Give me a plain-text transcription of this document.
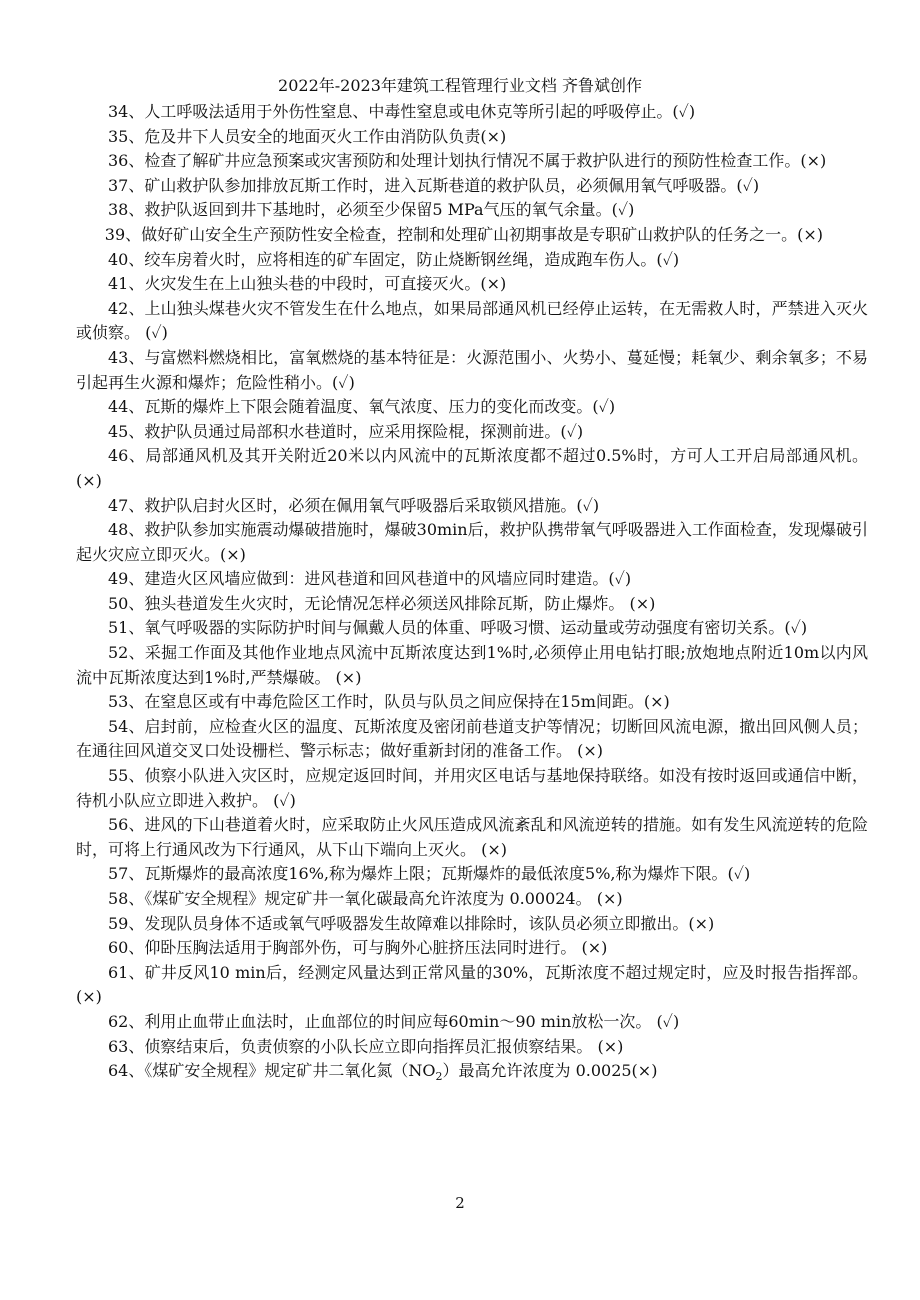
2022年-2023年建筑工程管理行业文档 齐鲁斌创作

34、人工呼吸法适用于外伤性窒息、中毒性窒息或电休克等所引起的呼吸停止。(✓)

35、危及井下人员安全的地面灭火工作由消防队负责(×)

36、检查了解矿井应急预案或灾害预防和处理计划执行情况不属于救护队进行的预防性检查工作。(×)

37、矿山救护队参加排放瓦斯工作时，进入瓦斯巷道的救护队员，必须佩用氧气呼吸器。(✓)

38、救护队返回到井下基地时，必须至少保留5 MPa气压的氧气余量。(✓)

39、做好矿山安全生产预防性安全检查，控制和处理矿山初期事故是专职矿山救护队的任务之一。(×)

40、绞车房着火时，应将相连的矿车固定，防止烧断钢丝绳，造成跑车伤人。(✓)

41、火灾发生在上山独头巷的中段时，可直接灭火。(×)

42、上山独头煤巷火灾不管发生在什么地点，如果局部通风机已经停止运转，在无需救人时，严禁进入灭火或侦察。 (✓)

43、与富燃料燃烧相比，富氧燃烧的基本特征是：火源范围小、火势小、蔓延慢；耗氧少、剩余氧多；不易引起再生火源和爆炸；危险性稍小。(✓)

44、瓦斯的爆炸上下限会随着温度、氧气浓度、压力的变化而改变。(✓)

45、救护队员通过局部积水巷道时，应采用探险棍，探测前进。(✓)

46、局部通风机及其开关附近20米以内风流中的瓦斯浓度都不超过0.5%时，方可人工开启局部通风机。(×)

47、救护队启封火区时，必须在佩用氧气呼吸器后采取锁风措施。(✓)

48、救护队参加实施震动爆破措施时，爆破30min后，救护队携带氧气呼吸器进入工作面检查，发现爆破引起火灾应立即灭火。(×)

49、建造火区风墙应做到：进风巷道和回风巷道中的风墙应同时建造。(✓)

50、独头巷道发生火灾时，无论情况怎样必须送风排除瓦斯，防止爆炸。 (×)

51、氧气呼吸器的实际防护时间与佩戴人员的体重、呼吸习惯、运动量或劳动强度有密切关系。(✓)

52、采掘工作面及其他作业地点风流中瓦斯浓度达到1%时,必须停止用电钻打眼;放炮地点附近10m以内风流中瓦斯浓度达到1%时,严禁爆破。 (×)

53、在窒息区或有中毒危险区工作时，队员与队员之间应保持在15m间距。(×)

54、启封前，应检查火区的温度、瓦斯浓度及密闭前巷道支护等情况；切断回风流电源，撤出回风侧人员；在通往回风道交叉口处设栅栏、警示标志；做好重新封闭的准备工作。 (×)

55、侦察小队进入灾区时，应规定返回时间，并用灾区电话与基地保持联络。如没有按时返回或通信中断，待机小队应立即进入救护。 (✓)

56、进风的下山巷道着火时，应采取防止火风压造成风流紊乱和风流逆转的措施。如有发生风流逆转的危险时，可将上行通风改为下行通风，从下山下端向上灭火。 (×)

57、瓦斯爆炸的最高浓度16%,称为爆炸上限；瓦斯爆炸的最低浓度5%,称为爆炸下限。(✓)

58、《煤矿安全规程》规定矿井一氧化碳最高允许浓度为 0.00024。 (×)

59、发现队员身体不适或氧气呼吸器发生故障难以排除时，该队员必须立即撤出。(×)

60、仰卧压胸法适用于胸部外伤，可与胸外心脏挤压法同时进行。 (×)

61、矿井反风10 min后，经测定风量达到正常风量的30%，瓦斯浓度不超过规定时，应及时报告指挥部。 (×)

62、利用止血带止血法时，止血部位的时间应每60min～90 min放松一次。 (✓)

63、侦察结束后，负责侦察的小队长应立即向指挥员汇报侦察结果。 (×)

64、《煤矿安全规程》规定矿井二氧化氮$(NO_2)$最高允许浓度为 0.0025(×)

2
